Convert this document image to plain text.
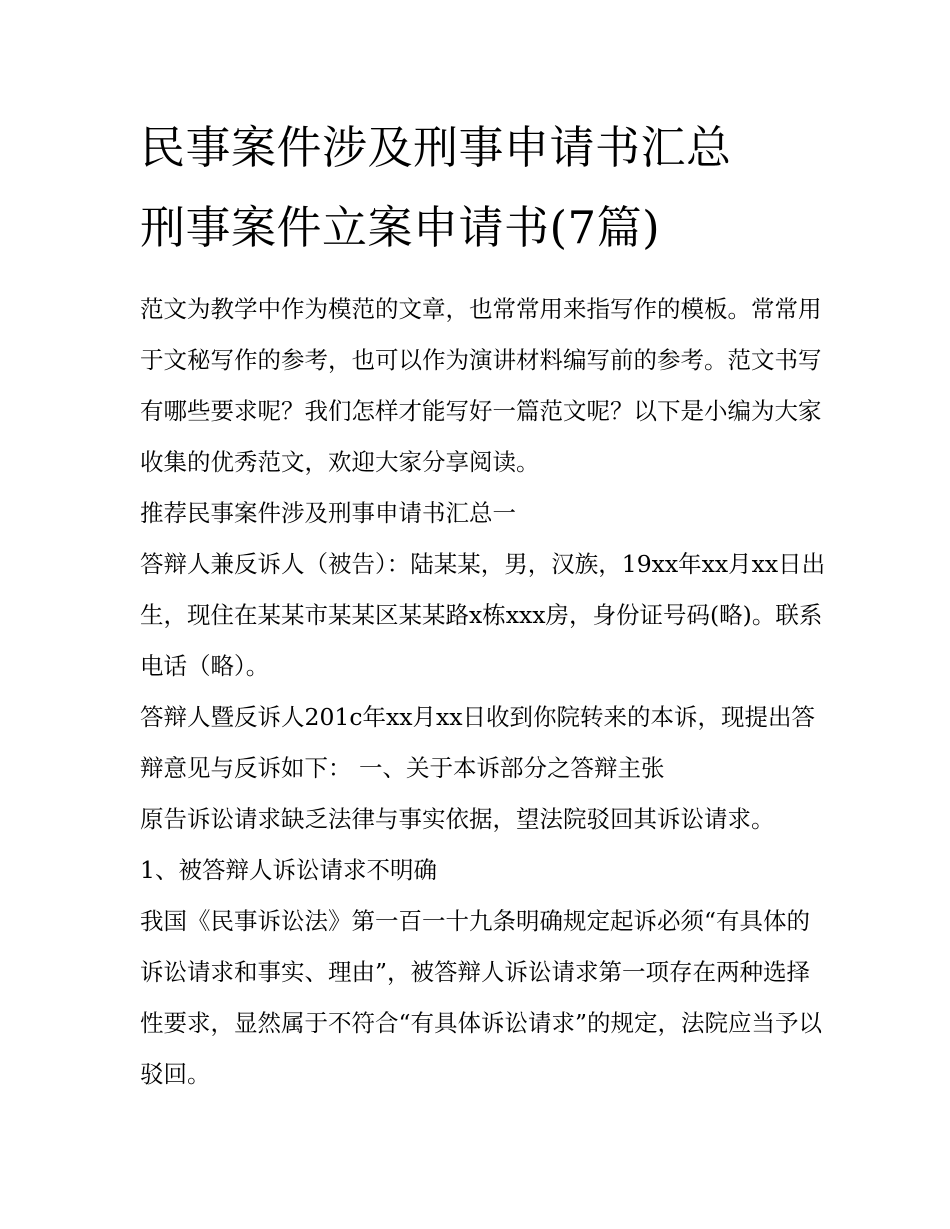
民事案件涉及刑事申请书汇总
刑事案件立案申请书(7篇)

范文为教学中作为模范的文章，也常常用来指写作的模板。常常用于文秘写作的参考，也可以作为演讲材料编写前的参考。范文书写有哪些要求呢？我们怎样才能写好一篇范文呢？以下是小编为大家收集的优秀范文，欢迎大家分享阅读。

推荐民事案件涉及刑事申请书汇总一

答辩人兼反诉人（被告）：陆某某，男，汉族，19xx年xx月xx日出生，现住在某某市某某区某某路x栋xxx房，身份证号码(略)。联系电话（略）。

答辩人暨反诉人201c年xx月xx日收到你院转来的本诉，现提出答辩意见与反诉如下： 一、关于本诉部分之答辩主张

原告诉讼请求缺乏法律与事实依据，望法院驳回其诉讼请求。

1、被答辩人诉讼请求不明确

我国《民事诉讼法》第一百一十九条明确规定起诉必须“有具体的诉讼请求和事实、理由”，被答辩人诉讼请求第一项存在两种选择性要求，显然属于不符合“有具体诉讼请求”的规定，法院应当予以驳回。
